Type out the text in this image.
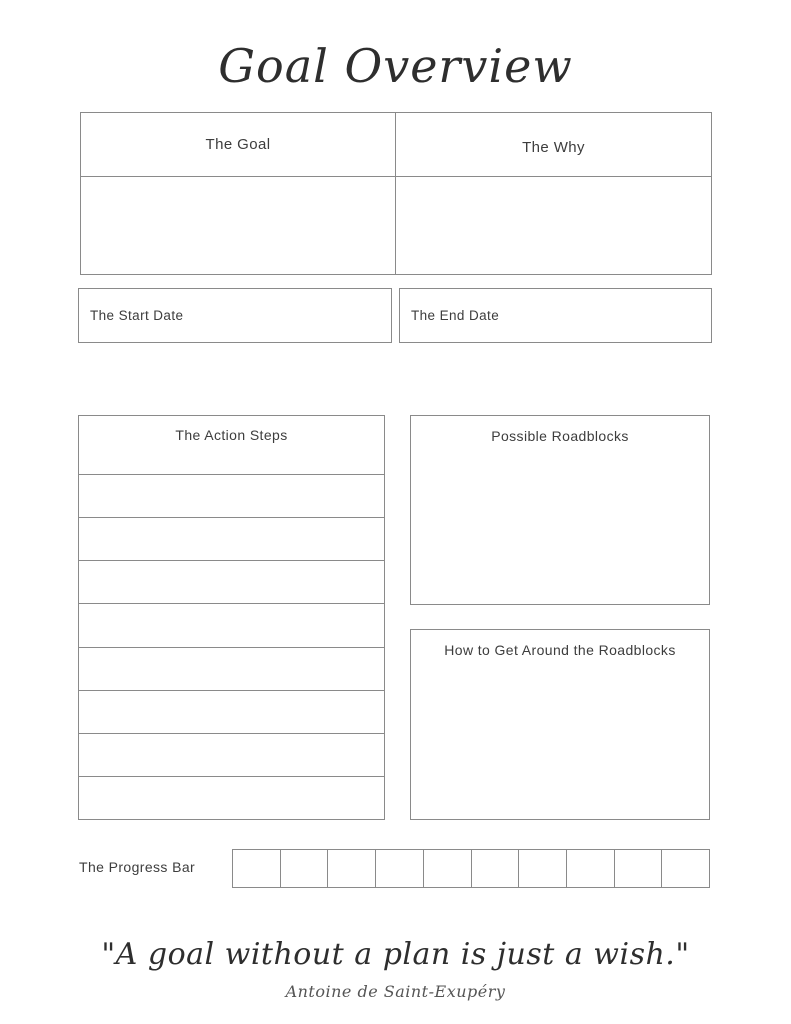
Goal Overview
The Goal	The Why
The Start Date	The End Date
The Action Steps	Possible Roadblocks
How to Get Around the Roadblocks
The Progress Bar
"A goal without a plan is just a wish."
Antoine de Saint-Exupéry
